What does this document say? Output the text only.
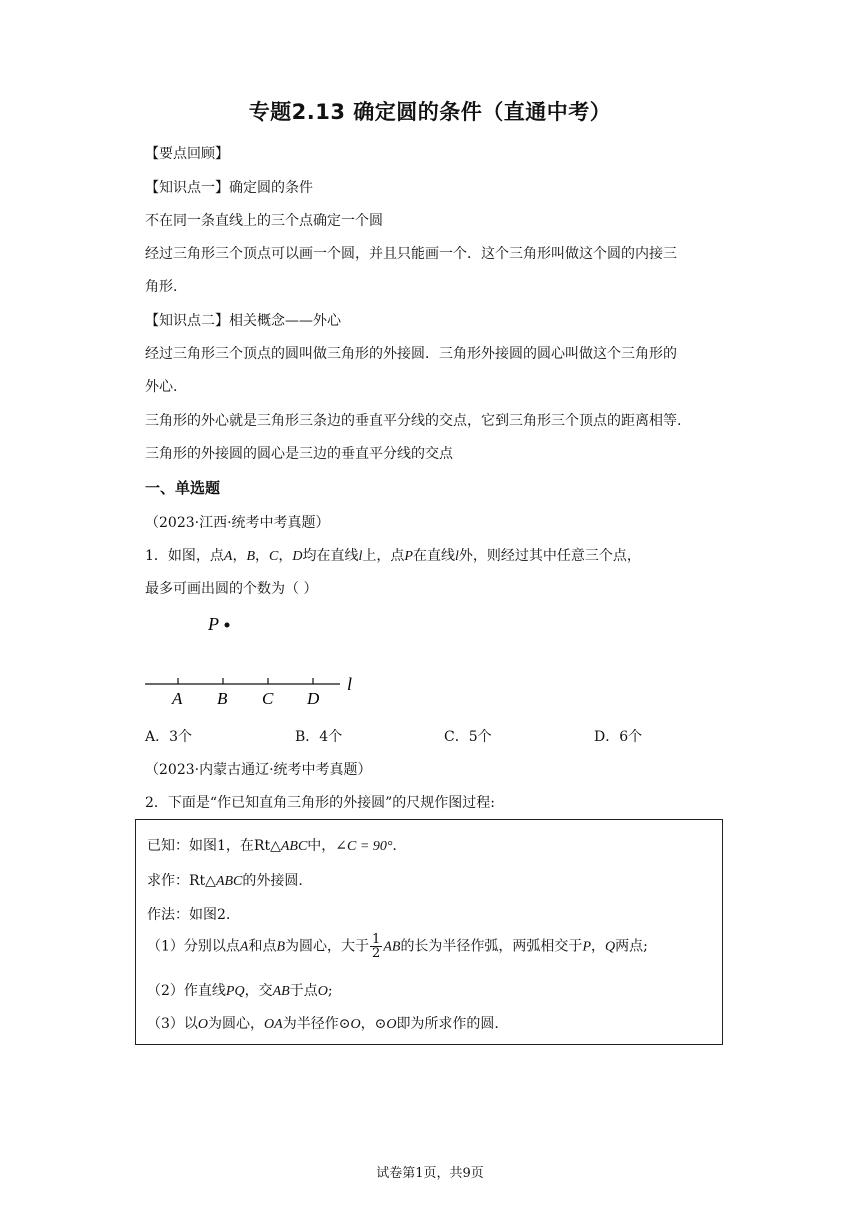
专题2.13 确定圆的条件（直通中考）
【要点回顾】
【知识点一】确定圆的条件
不在同一条直线上的三个点确定一个圆
经过三角形三个顶点可以画一个圆，并且只能画一个．这个三角形叫做这个圆的内接三
角形.
【知识点二】相关概念——外心
经过三角形三个顶点的圆叫做三角形的外接圆．三角形外接圆的圆心叫做这个三角形的
外心.
三角形的外心就是三角形三条边的垂直平分线的交点，它到三角形三个顶点的距离相等.
三角形的外接圆的圆心是三边的垂直平分线的交点
一、单选题
（2023·江西·统考中考真题）
1．如图，点A，B，C，D均在直线l上，点P在直线l外，则经过其中任意三个点，
最多可画出圆的个数为（ ）
P
l
A B C D
A．3个	B．4个	C．5个	D．6个
（2023·内蒙古通辽·统考中考真题）
2．下面是“作已知直角三角形的外接圆”的尺规作图过程:
已知：如图1，在Rt△ABC中，∠C = 90°.
求作：Rt△ABC的外接圆.
作法：如图2.
（1）分别以点A和点B为圆心，大于 $\frac{1}{2}$ AB的长为半径作弧，两弧相交于P，Q两点;
（2）作直线PQ，交AB于点O;
（3）以O为圆心，OA为半径作⊙O，⊙O即为所求作的圆.
试卷第1页，共9页
